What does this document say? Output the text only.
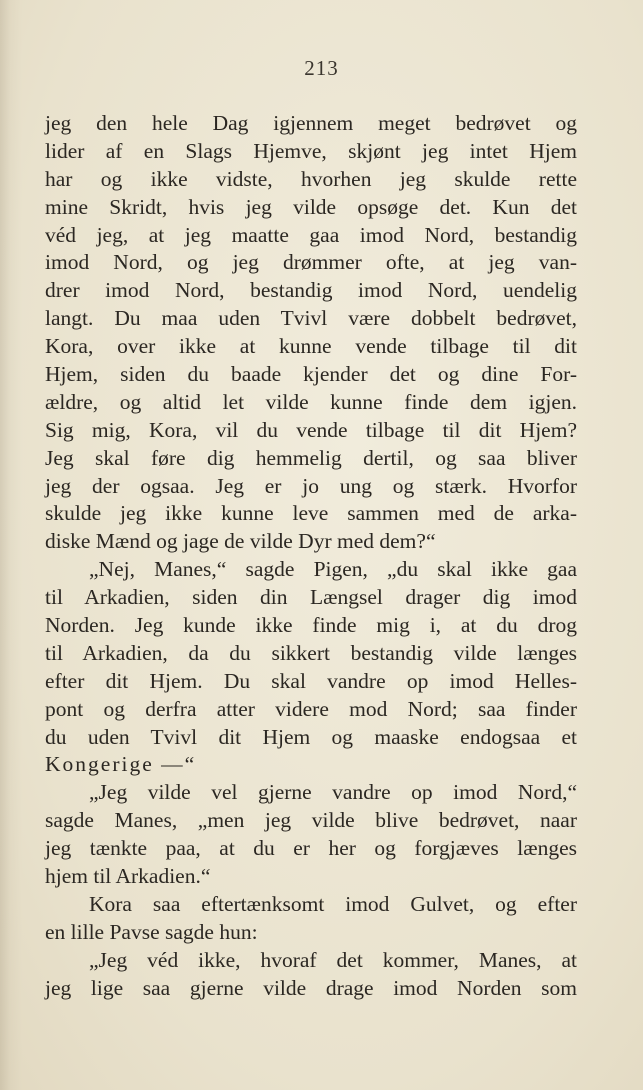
213
jeg den hele Dag igjennem meget bedrøvet og
lider af en Slags Hjemve, skjønt jeg intet Hjem
har og ikke vidste, hvorhen jeg skulde rette
mine Skridt, hvis jeg vilde opsøge det. Kun det
véd jeg, at jeg maatte gaa imod Nord, bestandig
imod Nord, og jeg drømmer ofte, at jeg van-
drer imod Nord, bestandig imod Nord, uendelig
langt. Du maa uden Tvivl være dobbelt bedrøvet,
Kora, over ikke at kunne vende tilbage til dit
Hjem, siden du baade kjender det og dine For-
ældre, og altid let vilde kunne finde dem igjen.
Sig mig, Kora, vil du vende tilbage til dit Hjem?
Jeg skal føre dig hemmelig dertil, og saa bliver
jeg der ogsaa. Jeg er jo ung og stærk. Hvorfor
skulde jeg ikke kunne leve sammen med de arka-
diske Mænd og jage de vilde Dyr med dem?“
„Nej, Manes,“ sagde Pigen, „du skal ikke gaa
til Arkadien, siden din Længsel drager dig imod
Norden. Jeg kunde ikke finde mig i, at du drog
til Arkadien, da du sikkert bestandig vilde længes
efter dit Hjem. Du skal vandre op imod Helles-
pont og derfra atter videre mod Nord; saa finder
du uden Tvivl dit Hjem og maaske endogsaa et
Kongerige —“
„Jeg vilde vel gjerne vandre op imod Nord,“
sagde Manes, „men jeg vilde blive bedrøvet, naar
jeg tænkte paa, at du er her og forgjæves længes
hjem til Arkadien.“
Kora saa eftertænksomt imod Gulvet, og efter
en lille Pavse sagde hun:
„Jeg véd ikke, hvoraf det kommer, Manes, at
jeg lige saa gjerne vilde drage imod Norden som
